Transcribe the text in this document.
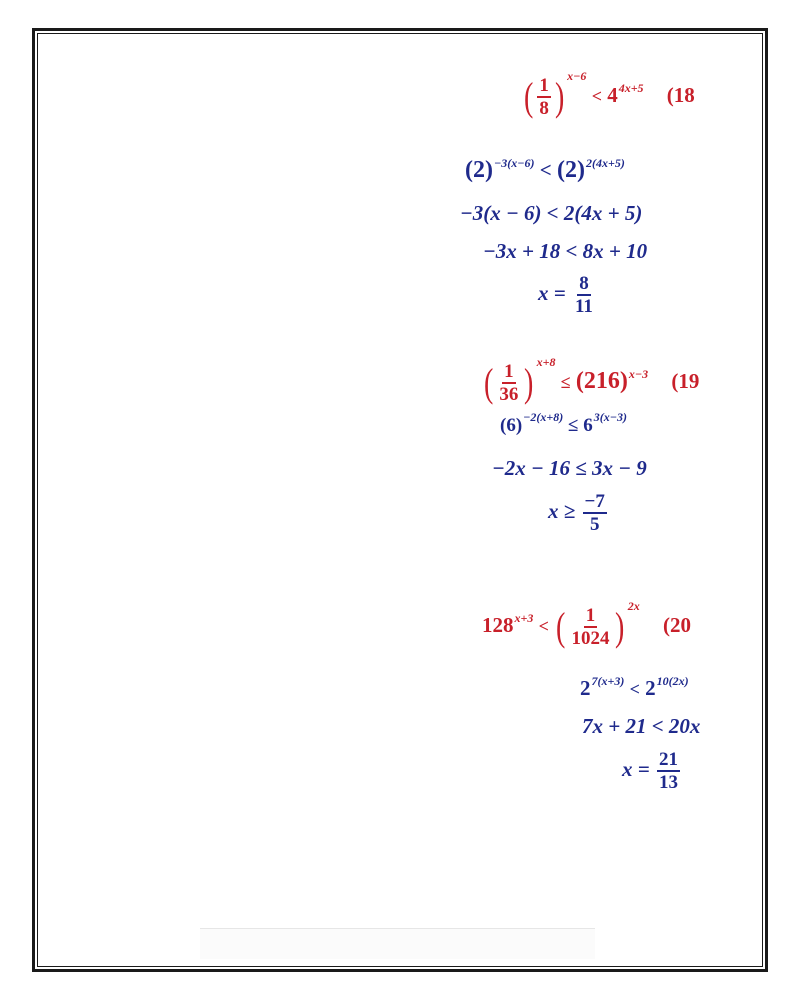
( $\frac{1}{8}$ ) $^{x-6} < 4^{4x+5}$ (18
$(2)^{-3(x-6)} < (2)^{2(4x+5)}$
−3(x − 6) < 2(4x + 5)
−3x + 18 < 8x + 10
$x = \frac{8}{11}$
( $\frac{1}{36}$ ) $^{x+8} \le (216)^{x-3}$ (19
$(6)^{-2(x+8)} \le 6^{3(x-3)}$
−2x − 16 ≤ 3x − 9
$x \ge \frac{-7}{5}$
$128^{x+3}$ < ( $\frac{1}{1024}$ ) $^{2x}$ (20
$2^{7(x+3)} < 2^{10(2x)}$
7x + 21 < 20x
$x = \frac{21}{13}$
